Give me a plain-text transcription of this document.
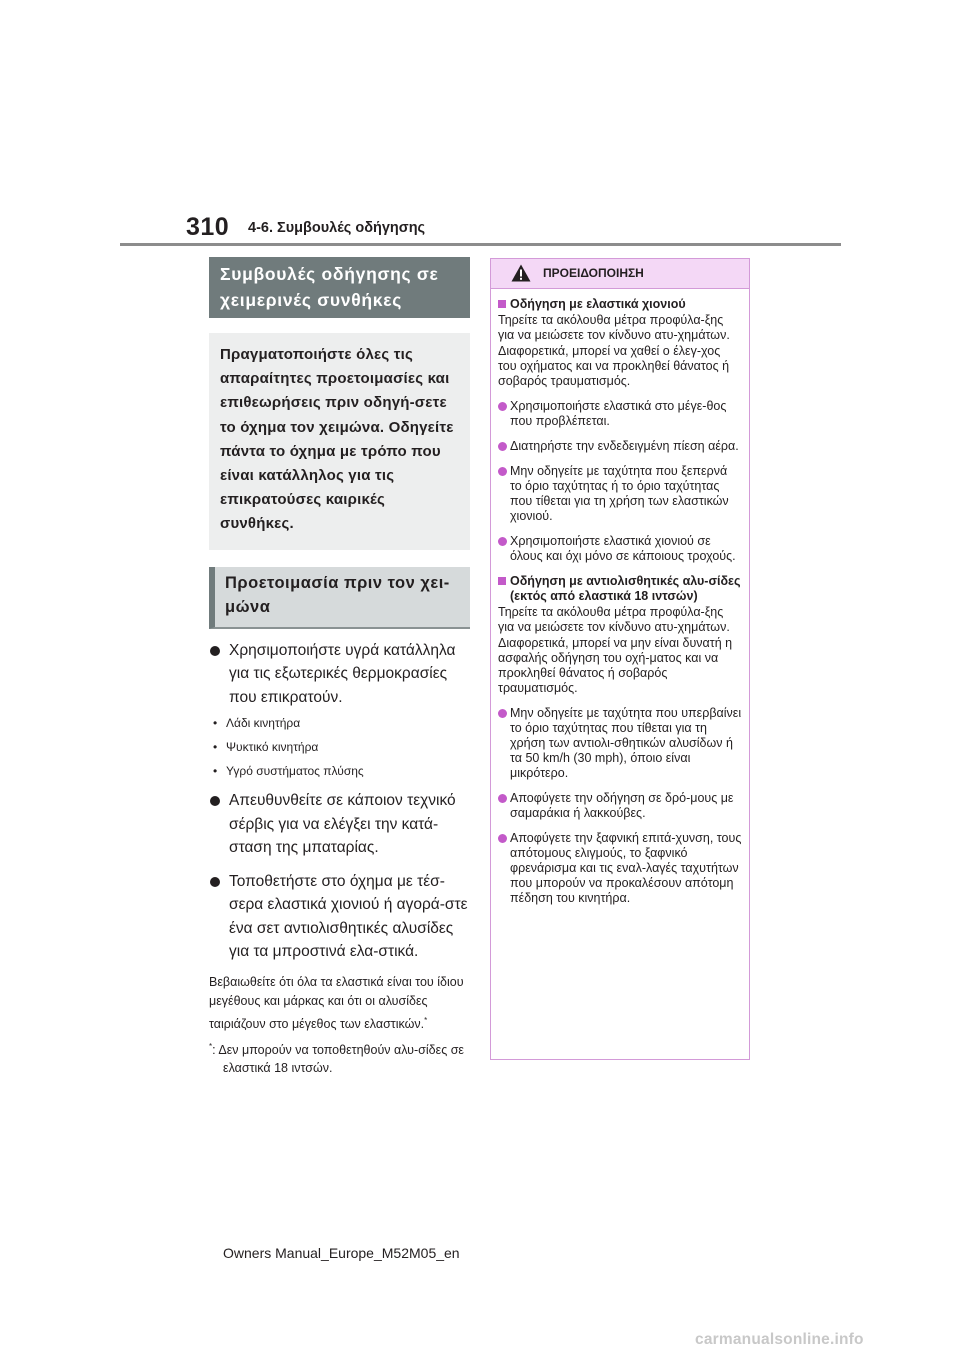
310 4-6. Συμβουλές οδήγησης
Συμβουλές οδήγησης σε χειμερινές συνθήκες
Πραγματοποιήστε όλες τις απαραίτητες προετοιμασίες και επιθεωρήσεις πριν οδηγή-σετε το όχημα τον χειμώνα. Οδηγείτε πάντα το όχημα με τρόπο που είναι κατάλληλος για τις επικρατούσες καιρικές συνθήκες.
Προετοιμασία πριν τον χει-μώνα
Χρησιμοποιήστε υγρά κατάλληλα για τις εξωτερικές θερμοκρασίες που επικρατούν.
• Λάδι κινητήρα
• Ψυκτικό κινητήρα
• Υγρό συστήματος πλύσης
Απευθυνθείτε σε κάποιον τεχνικό σέρβις για να ελέγξει την κατά-σταση της μπαταρίας.
Τοποθετήστε στο όχημα με τέσ-σερα ελαστικά χιονιού ή αγορά-στε ένα σετ αντιολισθητικές αλυσίδες για τα μπροστινά ελα-στικά.
Βεβαιωθείτε ότι όλα τα ελαστικά είναι του ίδιου μεγέθους και μάρκας και ότι οι αλυσίδες ταιριάζουν στο μέγεθος των ελαστικών.*
*: Δεν μπορούν να τοποθετηθούν αλυ-σίδες σε ελαστικά 18 ιντσών.
ΠΡΟΕΙΔΟΠΟΙΗΣΗ
Οδήγηση με ελαστικά χιονιού
Τηρείτε τα ακόλουθα μέτρα προφύλα-ξης για να μειώσετε τον κίνδυνο ατυ-χημάτων.
Διαφορετικά, μπορεί να χαθεί ο έλεγ-χος του οχήματος και να προκληθεί θάνατος ή σοβαρός τραυματισμός.
Χρησιμοποιήστε ελαστικά στο μέγε-θος που προβλέπεται.
Διατηρήστε την ενδεδειγμένη πίεση αέρα.
Μην οδηγείτε με ταχύτητα που ξεπερνά το όριο ταχύτητας ή το όριο ταχύτητας που τίθεται για τη χρήση των ελαστικών χιονιού.
Χρησιμοποιήστε ελαστικά χιονιού σε όλους και όχι μόνο σε κάποιους τροχούς.
Οδήγηση με αντιολισθητικές αλυ-σίδες (εκτός από ελαστικά 18 ιντσών)
Τηρείτε τα ακόλουθα μέτρα προφύλα-ξης για να μειώσετε τον κίνδυνο ατυ-χημάτων.
Διαφορετικά, μπορεί να μην είναι δυνατή η ασφαλής οδήγηση του οχή-ματος και να προκληθεί θάνατος ή σοβαρός τραυματισμός.
Μην οδηγείτε με ταχύτητα που υπερβαίνει το όριο ταχύτητας που τίθεται για τη χρήση των αντιολι-σθητικών αλυσίδων ή τα 50 km/h (30 mph), όποιο είναι μικρότερο.
Αποφύγετε την οδήγηση σε δρό-μους με σαμαράκια ή λακκούβες.
Αποφύγετε την ξαφνική επιτά-χυνση, τους απότομους ελιγμούς, το ξαφνικό φρενάρισμα και τις εναλ-λαγές ταχυτήτων που μπορούν να προκαλέσουν απότομη πέδηση του κινητήρα.
Owners Manual_Europe_M52M05_en
carmanualsonline.info
